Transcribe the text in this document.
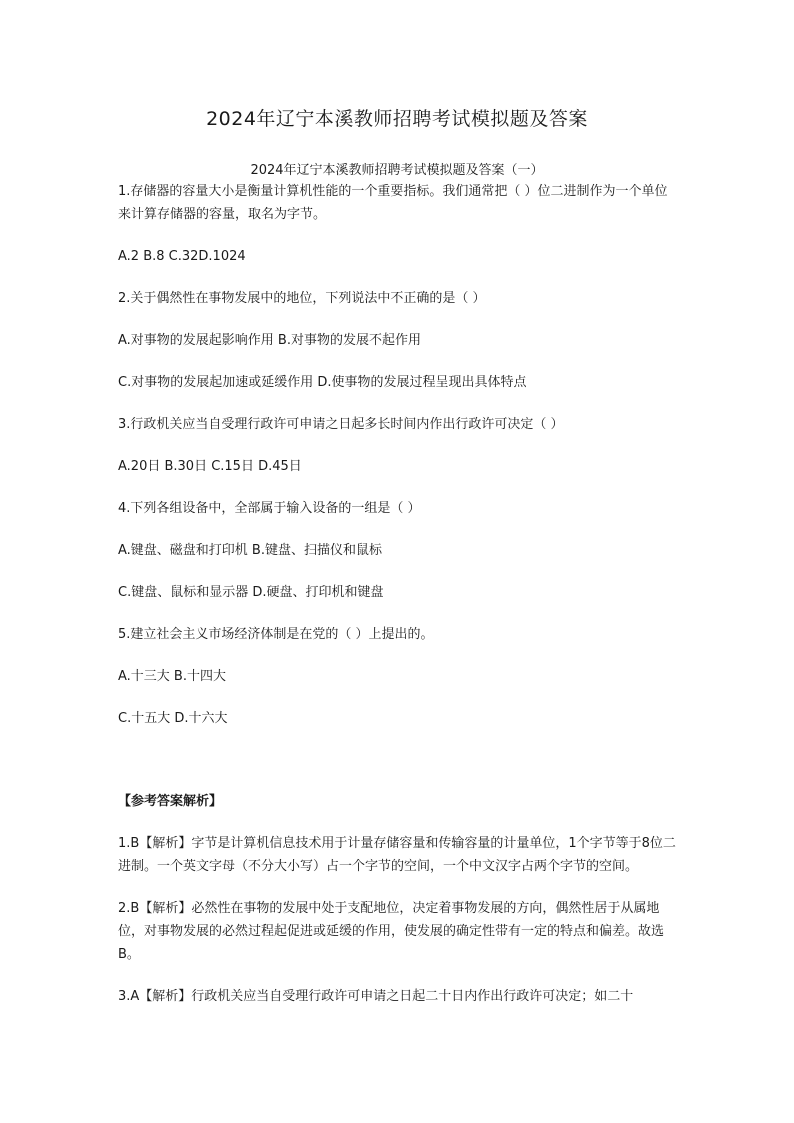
2024年辽宁本溪教师招聘考试模拟题及答案
2024年辽宁本溪教师招聘考试模拟题及答案（一）

1.存储器的容量大小是衡量计算机性能的一个重要指标。我们通常把（ ）位二进制作为一个单位来计算存储器的容量，取名为字节。

A.2 B.8 C.32D.1024

2.关于偶然性在事物发展中的地位，下列说法中不正确的是（ ）

A.对事物的发展起影响作用 B.对事物的发展不起作用

C.对事物的发展起加速或延缓作用 D.使事物的发展过程呈现出具体特点

3.行政机关应当自受理行政许可申请之日起多长时间内作出行政许可决定（ ）

A.20日 B.30日 C.15日 D.45日

4.下列各组设备中，全部属于输入设备的一组是（ ）

A.键盘、磁盘和打印机 B.键盘、扫描仪和鼠标

C.键盘、鼠标和显示器 D.硬盘、打印机和键盘

5.建立社会主义市场经济体制是在党的（ ）上提出的。

A.十三大 B.十四大

C.十五大 D.十六大

【参考答案解析】

1.B【解析】字节是计算机信息技术用于计量存储容量和传输容量的计量单位，1个字节等于8位二进制。一个英文字母（不分大小写）占一个字节的空间，一个中文汉字占两个字节的空间。

2.B【解析】必然性在事物的发展中处于支配地位，决定着事物发展的方向，偶然性居于从属地位，对事物发展的必然过程起促进或延缓的作用，使发展的确定性带有一定的特点和偏差。故选B。

3.A【解析】行政机关应当自受理行政许可申请之日起二十日内作出行政许可决定；如二十
